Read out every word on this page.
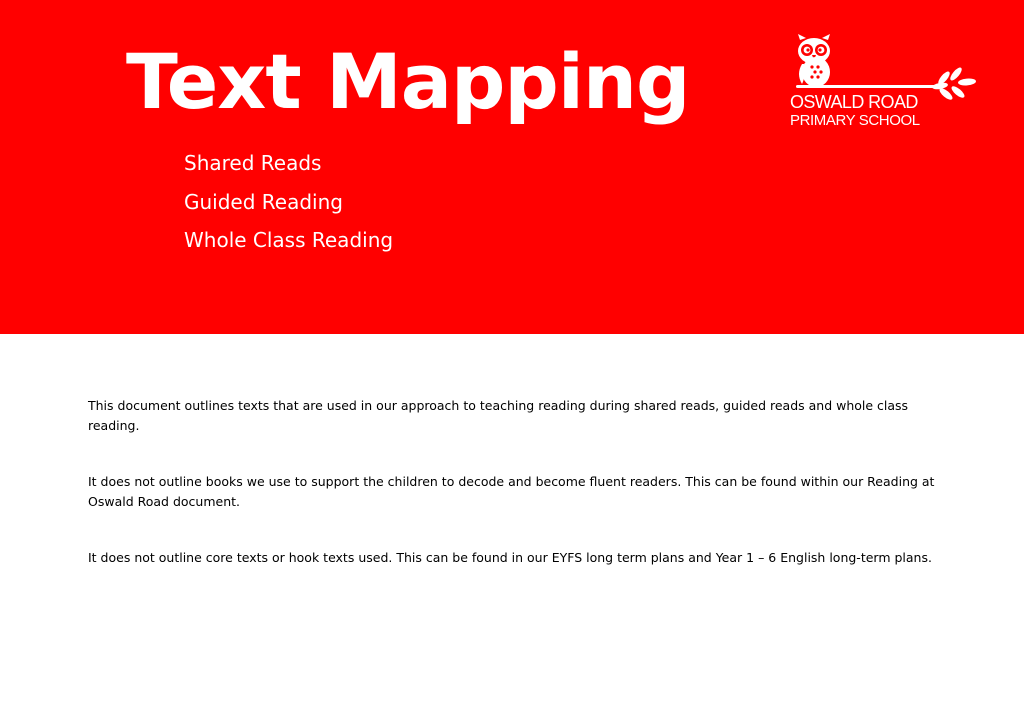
Text Mapping
Shared Reads
Guided Reading
Whole Class Reading
OSWALD ROAD
PRIMARY SCHOOL

This document outlines texts that are used in our approach to teaching reading during shared reads, guided reads and whole class reading.

It does not outline books we use to support the children to decode and become fluent readers. This can be found within our Reading at Oswald Road document.

It does not outline core texts or hook texts used. This can be found in our EYFS long term plans and Year 1 – 6 English long-term plans.
